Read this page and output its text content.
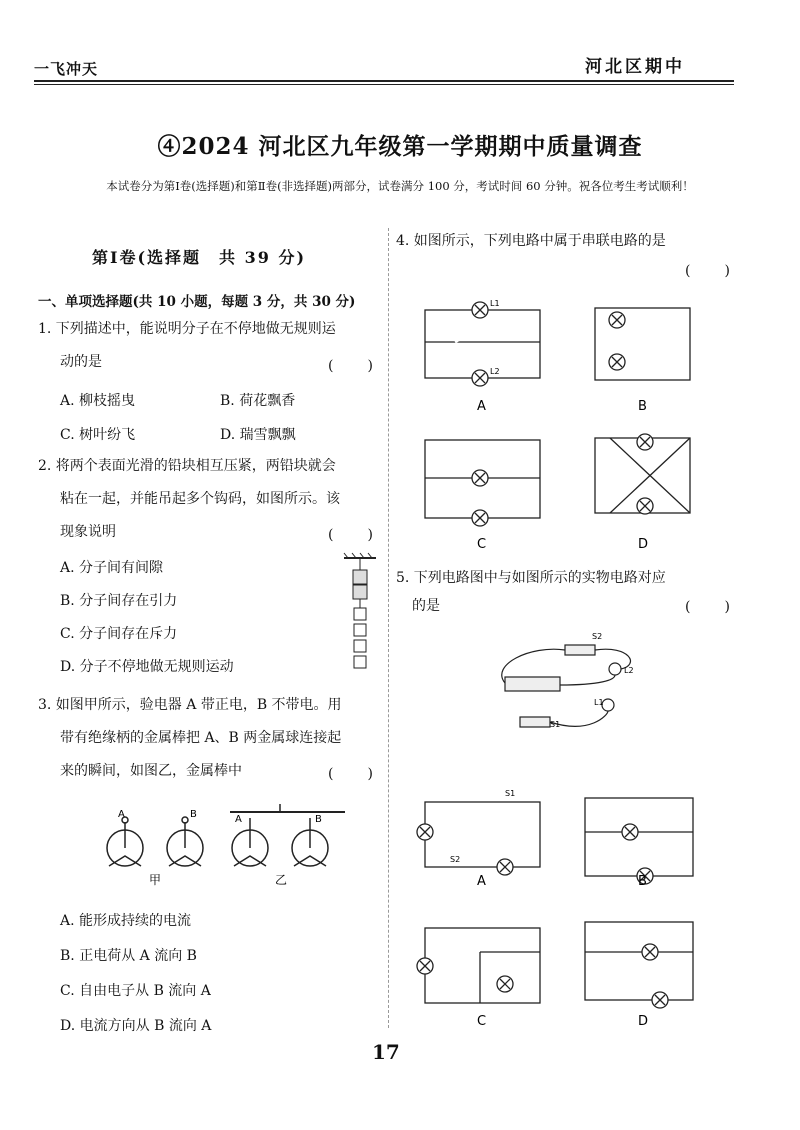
一飞冲天	河北区期中
④2024 河北区九年级第一学期期中质量调查
本试卷分为第Ⅰ卷(选择题)和第Ⅱ卷(非选择题)两部分，试卷满分 100 分，考试时间 60 分钟。祝各位考生考试顺利！
第Ⅰ卷(选择题　共 39 分)
一、单项选择题(共 10 小题，每题 3 分，共 30 分)
1. 下列描述中，能说明分子在不停地做无规则运
动的是	(　　)
A. 柳枝摇曳	B. 荷花飘香
C. 树叶纷飞	D. 瑞雪飘飘
2. 将两个表面光滑的铅块相互压紧，两铅块就会
粘在一起，并能吊起多个钩码，如图所示。该
现象说明	(　　)
A. 分子间有间隙
B. 分子间存在引力
C. 分子间存在斥力
D. 分子不停地做无规则运动
3. 如图甲所示，验电器 A 带正电，B 不带电。用
带有绝缘柄的金属棒把 A、B 两金属球连接起
来的瞬间，如图乙，金属棒中	(　　)
A	B	A	B
甲	乙
A. 能形成持续的电流
B. 正电荷从 A 流向 B
C. 自由电子从 B 流向 A
D. 电流方向从 B 流向 A
4. 如图所示，下列电路中属于串联电路的是
(　　)
L1
L2
A	B
C	D
5. 下列电路图中与如图所示的实物电路对应
的是	(　　)
S2
L2
S1
L1
S1
S2
A	B
C	D
17
